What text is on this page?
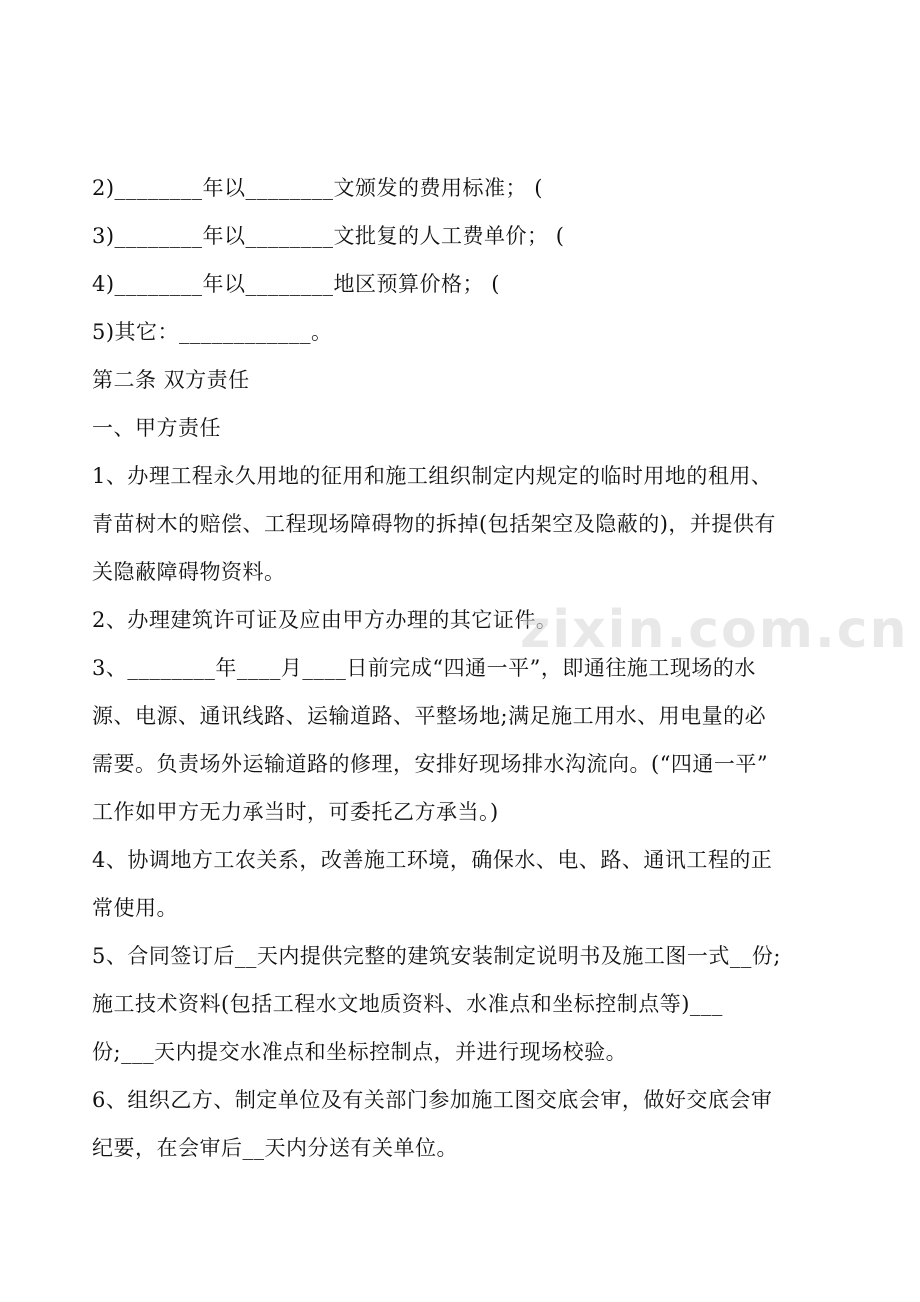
2)________年以________文颁发的费用标准； (
3)________年以________文批复的人工费单价； (
4)________年以________地区预算价格； (
5)其它：____________。
第二条 双方责任
一、甲方责任
1、办理工程永久用地的征用和施工组织制定内规定的临时用地的租用、
青苗树木的赔偿、工程现场障碍物的拆掉(包括架空及隐蔽的)，并提供有
关隐蔽障碍物资料。
2、办理建筑许可证及应由甲方办理的其它证件。
3、________年____月____日前完成“四通一平”，即通往施工现场的水
源、电源、通讯线路、运输道路、平整场地;满足施工用水、用电量的必
需要。负责场外运输道路的修理，安排好现场排水沟流向。(“四通一平”
工作如甲方无力承当时，可委托乙方承当。)
4、协调地方工农关系，改善施工环境，确保水、电、路、通讯工程的正
常使用。
5、合同签订后__天内提供完整的建筑安装制定说明书及施工图一式__份;
施工技术资料(包括工程水文地质资料、水准点和坐标控制点等)___
份;___天内提交水准点和坐标控制点，并进行现场校验。
6、组织乙方、制定单位及有关部门参加施工图交底会审，做好交底会审
纪要，在会审后__天内分送有关单位。
zixin.com.cn
